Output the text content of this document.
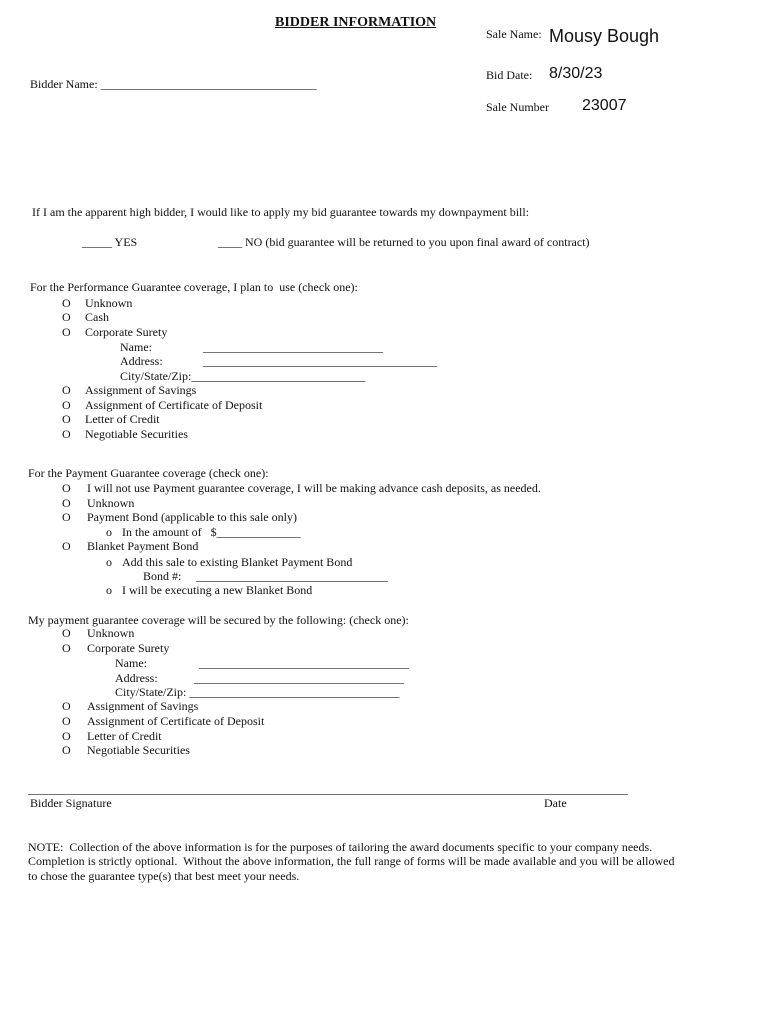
BIDDER INFORMATION
Sale Name: Mousy Bough
Bid Date: 8/30/23
Sale Number 23007
Bidder Name: ____________________________________
If I am the apparent high bidder, I would like to apply my bid guarantee towards my downpayment bill:
_____ YES	____ NO (bid guarantee will be returned to you upon final award of contract)
For the Performance Guarantee coverage, I plan to  use (check one):
O Unknown
O Cash
O Corporate Surety
Name:	______________________________
Address:	_______________________________________
City/State/Zip:_____________________________
O Assignment of Savings
O Assignment of Certificate of Deposit
O Letter of Credit
O Negotiable Securities
For the Payment Guarantee coverage (check one):
O I will not use Payment guarantee coverage, I will be making advance cash deposits, as needed.
O Unknown
O Payment Bond (applicable to this sale only)
o In the amount of   $______________
O Blanket Payment Bond
o Add this sale to existing Blanket Payment Bond
Bond #: ________________________________
o I will be executing a new Blanket Bond
My payment guarantee coverage will be secured by the following: (check one):
O Unknown
O Corporate Surety
Name:	___________________________________
Address:	___________________________________
City/State/Zip: ___________________________________
O Assignment of Savings
O Assignment of Certificate of Deposit
O Letter of Credit
O Negotiable Securities
____________________________________________________________________________________________________
Bidder Signature	Date
NOTE:  Collection of the above information is for the purposes of tailoring the award documents specific to your company needs.
Completion is strictly optional.  Without the above information, the full range of forms will be made available and you will be allowed
to chose the guarantee type(s) that best meet your needs.
